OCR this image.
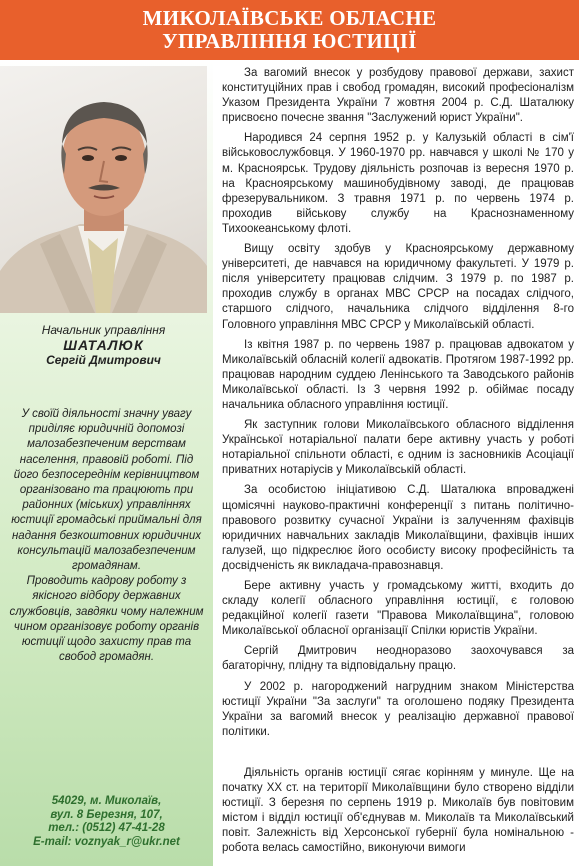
МИКОЛАЇВСЬКЕ ОБЛАСНЕ
УПРАВЛІННЯ ЮСТИЦІЇ
Начальник управління
ШАТАЛЮК
Сергій Дмитрович
У своїй діяльності значну увагу приділяє юридичній допомозі малозабезпеченим верствам населення, правовій роботі. Під його безпосереднім керівництвом організовано та працюють при районних (міських) управліннях юстиції громадські приймальні для надання безкоштовних юридичних консультацій малозабезпеченим громадянам.
Проводить кадрову роботу з якісного відбору державних службовців, завдяки чому належним чином організовує роботу органів юстиції щодо захисту прав та свобод громадян.
54029, м. Миколаїв,
вул. 8 Березня, 107,
тел.: (0512) 47-41-28
E-mail: voznyak_r@ukr.net

За вагомий внесок у розбудову правової держави, захист конституційних прав і свобод громадян, високий професіоналізм Указом Президента України 7 жовтня 2004 р. С.Д. Шаталюку присвоєно почесне звання "Заслужений юрист України".

Народився 24 серпня 1952 р. у Калузькій області в сім'ї військовослужбовця. У 1960-1970 рр. навчався у школі № 170 у м. Красноярськ. Трудову діяльність розпочав із вересня 1970 р. на Красноярському машинобудівному заводі, де працював фрезерувальником. З травня 1971 р. по червень 1974 р. проходив військову службу на Краснознаменному Тихоокеанському флоті.

Вищу освіту здобув у Красноярському державному університеті, де навчався на юридичному факультеті. У 1979 р. після університету працював слідчим. З 1979 р. по 1987 р. проходив службу в органах МВС СРСР на посадах слідчого, старшого слідчого, начальника слідчого відділення 8-го Головного управління МВС СРСР у Миколаївській області.

Із квітня 1987 р. по червень 1987 р. працював адвокатом у Миколаївській обласній колегії адвокатів. Протягом 1987-1992 рр. працював народним суддею Ленінського та Заводського районів Миколаївської області. Із 3 червня 1992 р. обіймає посаду начальника обласного управління юстиції.

Як заступник голови Миколаївського обласного відділення Української нотаріальної палати бере активну участь у роботі нотаріальної спільноти області, є одним із засновників Асоціації приватних нотаріусів у Миколаївській області.

За особистою ініціативою С.Д. Шаталюка впроваджені щомісячні науково-практичні конференції з питань політично-правового розвитку сучасної України із залученням фахівців юридичних навчальних закладів Миколаївщини, фахівців інших галузей, що підкреслює його особисту високу професійність та досвідченість як викладача-правознавця.

Бере активну участь у громадському житті, входить до складу колегії обласного управління юстиції, є головою редакційної колегії газети "Правова Миколаївщина", головою Миколаївської обласної організації Спілки юристів України.

Сергій Дмитрович неодноразово заохочувався за багаторічну, плідну та відповідальну працю.

У 2002 р. нагороджений нагрудним знаком Міністерства юстиції України "За заслуги" та оголошено подяку Президента України за вагомий внесок у реалізацію державної правової політики.

Діяльність органів юстиції сягає корінням у минуле. Ще на початку XX ст. на території Миколаївщини було створено відділи юстиції. З березня по серпень 1919 р. Миколаїв був повітовим містом і відділ юстиції об'єднував м. Миколаїв та Миколаївський повіт. Залежність від Херсонської губернії була номінальною - робота велась самостійно, виконуючи вимоги
